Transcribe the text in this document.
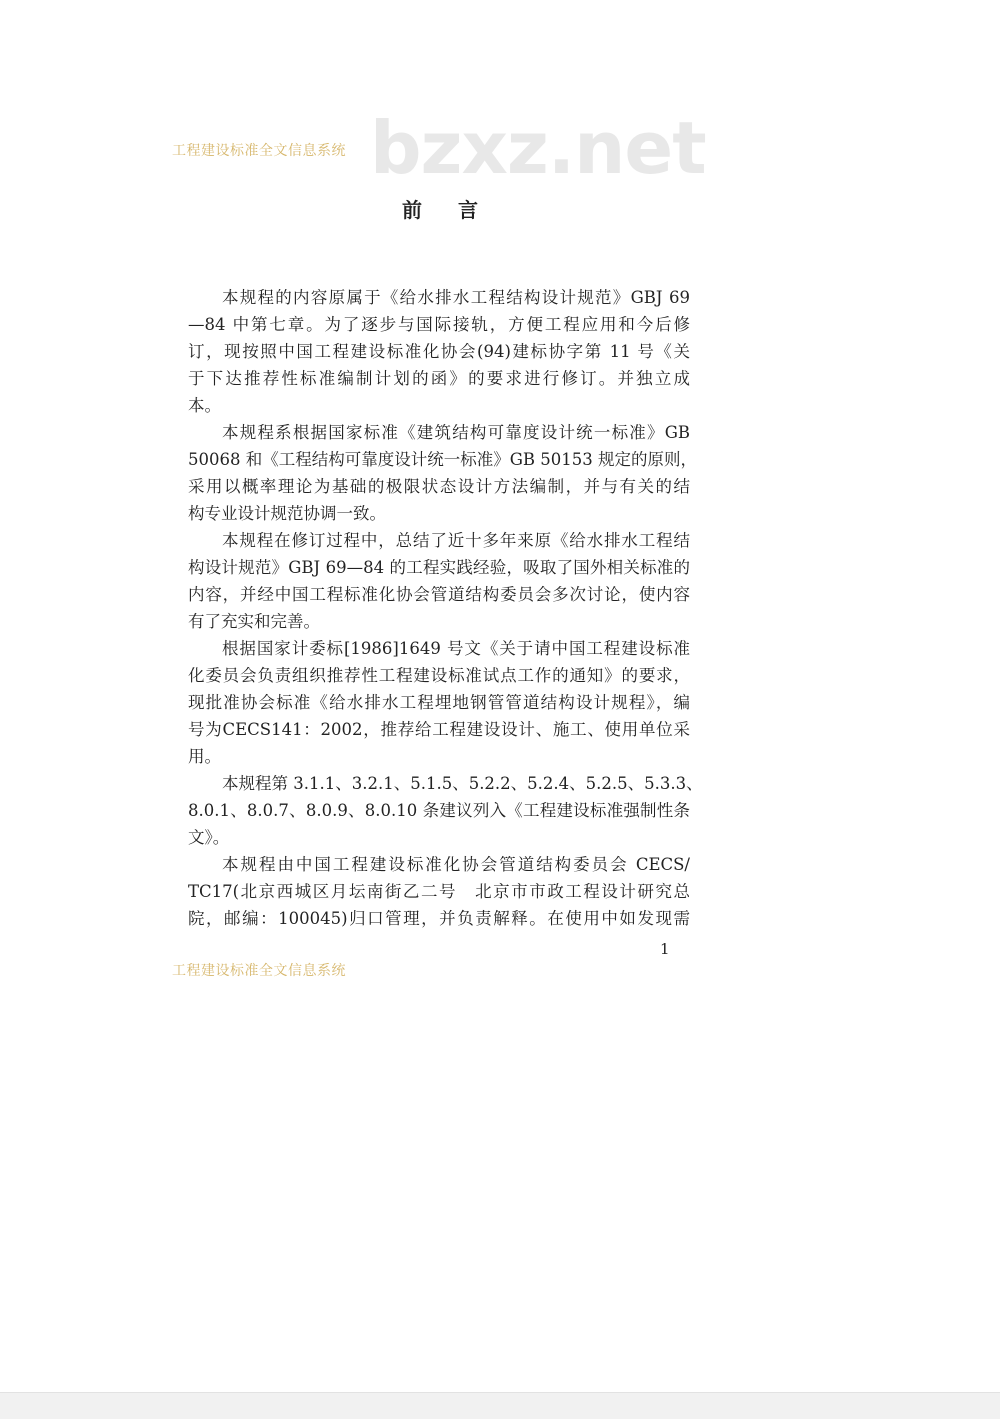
工程建设标准全文信息系统 bzxz.net
前 言
本规程的内容原属于《给水排水工程结构设计规范》GBJ 69
—84 中第七章。为了逐步与国际接轨，方便工程应用和今后修
订，现按照中国工程建设标准化协会(94)建标协字第 11 号《关
于下达推荐性标准编制计划的函》的要求进行修订。并独立成
本。
本规程系根据国家标准《建筑结构可靠度设计统一标准》GB
50068 和《工程结构可靠度设计统一标准》GB 50153 规定的原则，
采用以概率理论为基础的极限状态设计方法编制，并与有关的结
构专业设计规范协调一致。
本规程在修订过程中，总结了近十多年来原《给水排水工程结
构设计规范》GBJ 69—84 的工程实践经验，吸取了国外相关标准的
内容，并经中国工程标准化协会管道结构委员会多次讨论，使内容
有了充实和完善。
根据国家计委标[1986]1649 号文《关于请中国工程建设标准
化委员会负责组织推荐性工程建设标准试点工作的通知》的要求，
现批准协会标准《给水排水工程埋地钢管管道结构设计规程》，编
号为CECS141：2002，推荐给工程建设设计、施工、使用单位采
用。
本规程第 3.1.1、3.2.1、5.1.5、5.2.2、5.2.4、5.2.5、5.3.3、
8.0.1、8.0.7、8.0.9、8.0.10 条建议列入《工程建设标准强制性条
文》。
本规程由中国工程建设标准化协会管道结构委员会 CECS/
TC17(北京西城区月坛南街乙二号　北京市市政工程设计研究总
院，邮编：100045)归口管理，并负责解释。在使用中如发现需
1
工程建设标准全文信息系统
